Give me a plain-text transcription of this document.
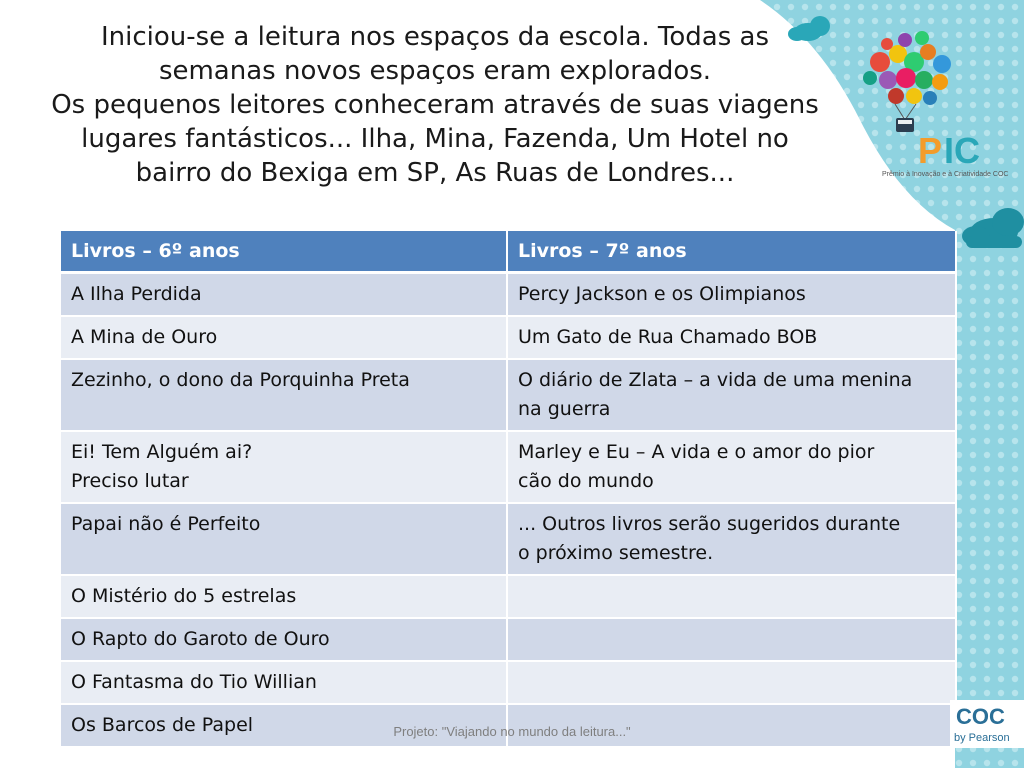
P IC
Prêmio à Inovação e à Criatividade COC
Iniciou-se a leitura nos espaços da escola. Todas as
semanas novos espaços eram explorados.
Os pequenos leitores conheceram através de suas viagens
lugares fantásticos... Ilha, Mina, Fazenda, Um Hotel no
bairro do Bexiga em SP, As Ruas de Londres...
Livros – 6º anos	Livros – 7º anos

A Ilha Perdida	Percy Jackson e os Olimpianos

A Mina de Ouro	Um Gato de Rua Chamado BOB

Zezinho, o dono da Porquinha Preta	O diário de Zlata – a vida de uma menina
na guerra

Ei! Tem Alguém ai?
Preciso lutar	Marley e Eu – A vida e o amor do pior
cão do mundo

Papai não é Perfeito	... Outros livros serão sugeridos durante
o próximo semestre.

O Mistério do 5 estrelas	

O Rapto do Garoto de Ouro	

O Fantasma do Tio Willian	

Os Barcos de Papel	

	COC
by Pearson
Projeto: "Viajando no mundo da leitura..."
